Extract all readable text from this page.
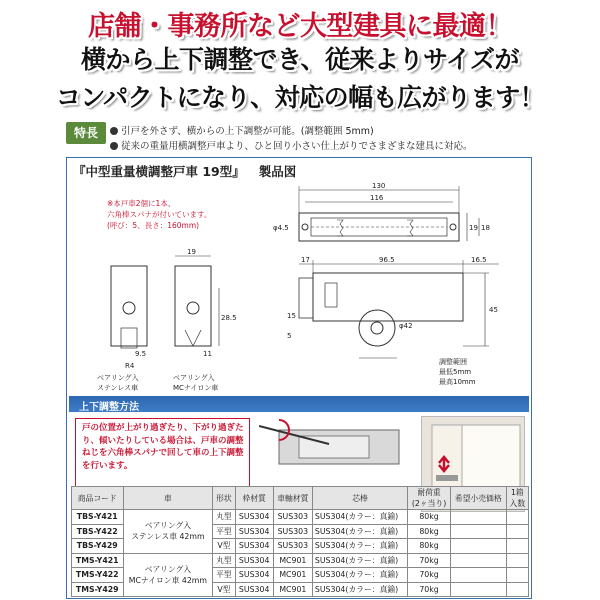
店舗・事務所など大型建具に最適！
横から上下調整でき、従来よりサイズが
コンパクトになり、対応の幅も広がります！
特長	引戸を外さず、横からの上下調整が可能。(調整範囲 5mm)
従来の重量用横調整戸車より、ひと回り小さい仕上がりでさまざまな建具に対応。
『中型重量横調整戸車 19型』 製品図
130
116
φ4.5	19 18
17	96.5	16.5
φ42
45
5
15
調整範囲
最低5mm
最高10mm
19
28.5
9.5	11
R4
ベアリング入
ステンレス車
ベアリング入
MCナイロン車
※本戸車2個に1本、
六角棒スパナが付いています。
(呼び：5、長さ：160mm)
上下調整方法
戸の位置が上がり過ぎたり、下がり過ぎたり、傾いたりしている場合は、戸車の調整ねじを六角棒スパナで回して車の上下調整を行います。
商品コード	車	形状	枠材質	車軸材質	芯棒	耐荷重
(2ヶ当り)	希望小売価格	1箱
入数
TBS-Y421	ベアリング入
ステンレス車 42mm	丸型	SUS304	SUS303	SUS304(カラー：真鍮)	80kg		
TBS-Y422		平型	SUS304	SUS303	SUS304(カラー：真鍮)	80kg		
TBS-Y429		V型	SUS304	SUS303	SUS304(カラー：真鍮)	80kg		
TMS-Y421	ベアリング入
MCナイロン車 42mm	丸型	SUS304	MC901	SUS304(カラー：真鍮)	70kg		
TMS-Y422		平型	SUS304	MC901	SUS304(カラー：真鍮)	70kg		
TMS-Y429		V型	SUS304	MC901	SUS304(カラー：真鍮)	70kg		
